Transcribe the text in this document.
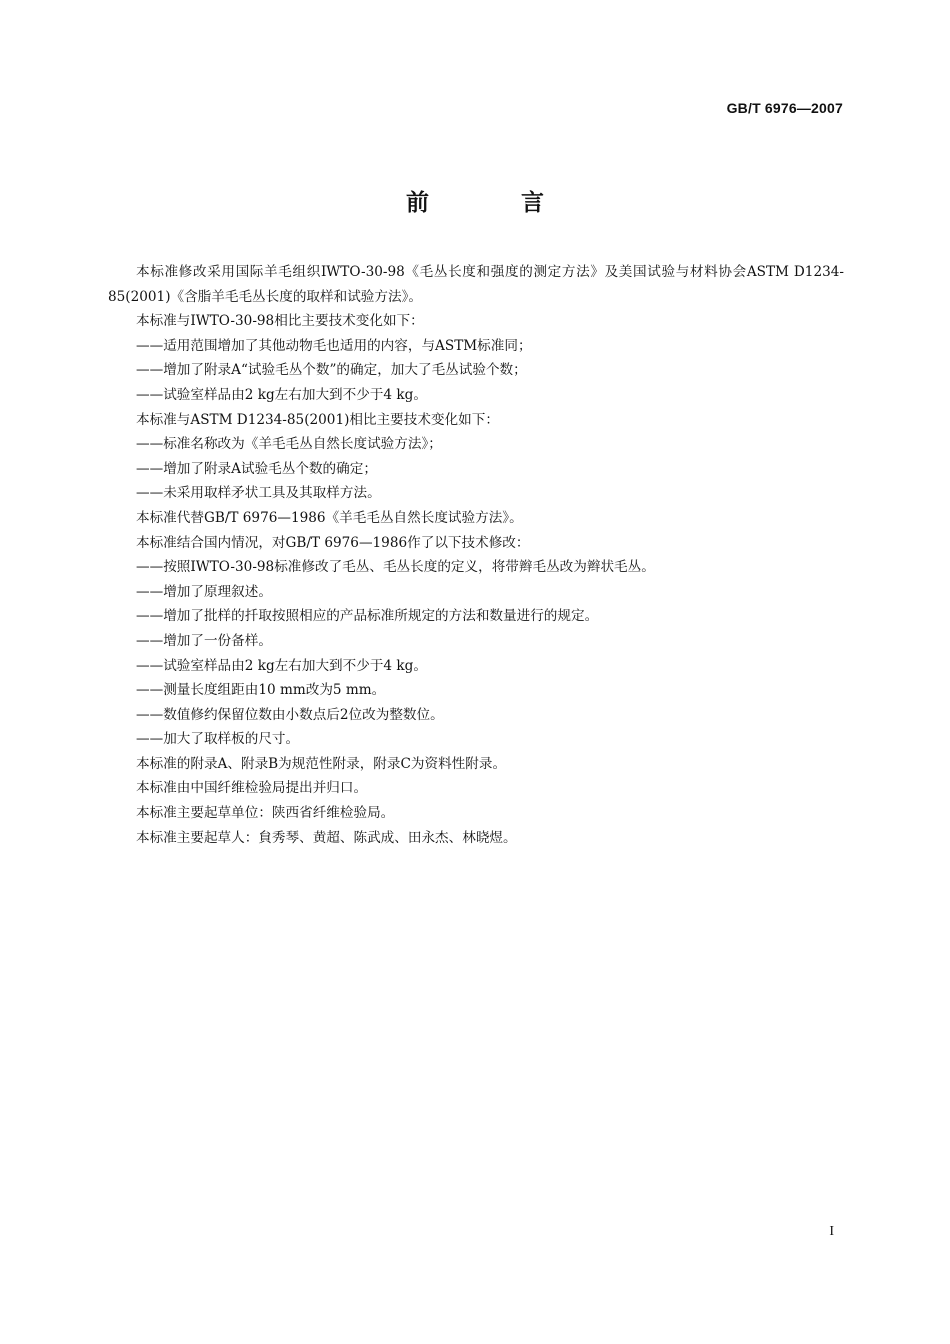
GB/T 6976—2007
前 言

本标准修改采用国际羊毛组织IWTO-30-98《毛丛长度和强度的测定方法》及美国试验与材料协会ASTM D1234-85(2001)《含脂羊毛毛丛长度的取样和试验方法》。

本标准与IWTO-30-98相比主要技术变化如下：

——适用范围增加了其他动物毛也适用的内容，与ASTM标准同；

——增加了附录A“试验毛丛个数”的确定，加大了毛丛试验个数；

——试验室样品由2 kg左右加大到不少于4 kg。

本标准与ASTM D1234-85(2001)相比主要技术变化如下：

——标准名称改为《羊毛毛丛自然长度试验方法》；

——增加了附录A试验毛丛个数的确定；

——未采用取样矛状工具及其取样方法。

本标准代替GB/T 6976—1986《羊毛毛丛自然长度试验方法》。

本标准结合国内情况，对GB/T 6976—1986作了以下技术修改：

——按照IWTO-30-98标准修改了毛丛、毛丛长度的定义，将带辫毛丛改为辫状毛丛。

——增加了原理叙述。

——增加了批样的扦取按照相应的产品标准所规定的方法和数量进行的规定。

——增加了一份备样。

——试验室样品由2 kg左右加大到不少于4 kg。

——测量长度组距由10 mm改为5 mm。

——数值修约保留位数由小数点后2位改为整数位。

——加大了取样板的尺寸。

本标准的附录A、附录B为规范性附录，附录C为资料性附录。

本标准由中国纤维检验局提出并归口。

本标准主要起草单位：陕西省纤维检验局。

本标准主要起草人：貟秀琴、黄超、陈武成、田永杰、林晓煜。

I
